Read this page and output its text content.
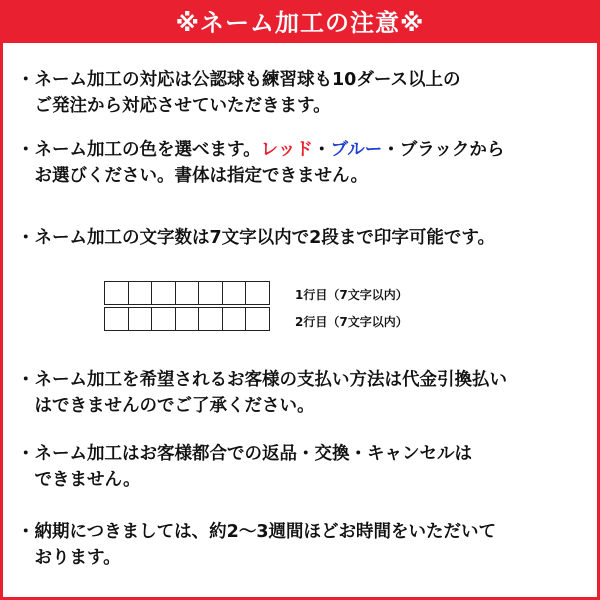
※ネーム加工の注意※
・ネーム加工の対応は公認球も練習球も10ダース以上の
　ご発注から対応させていただきます。
・ネーム加工の色を選べます。レッド・ブルー・ブラックから
　お選びください。書体は指定できません。
・ネーム加工の文字数は7文字以内で2段まで印字可能です。
1行目（7文字以内）
2行目（7文字以内）
・ネーム加工を希望されるお客様の支払い方法は代金引換払い
　はできませんのでご了承ください。
・ネーム加工はお客様都合での返品・交換・キャンセルは
　できません。
・納期につきましては、約2～3週間ほどお時間をいただいて
　おります。
